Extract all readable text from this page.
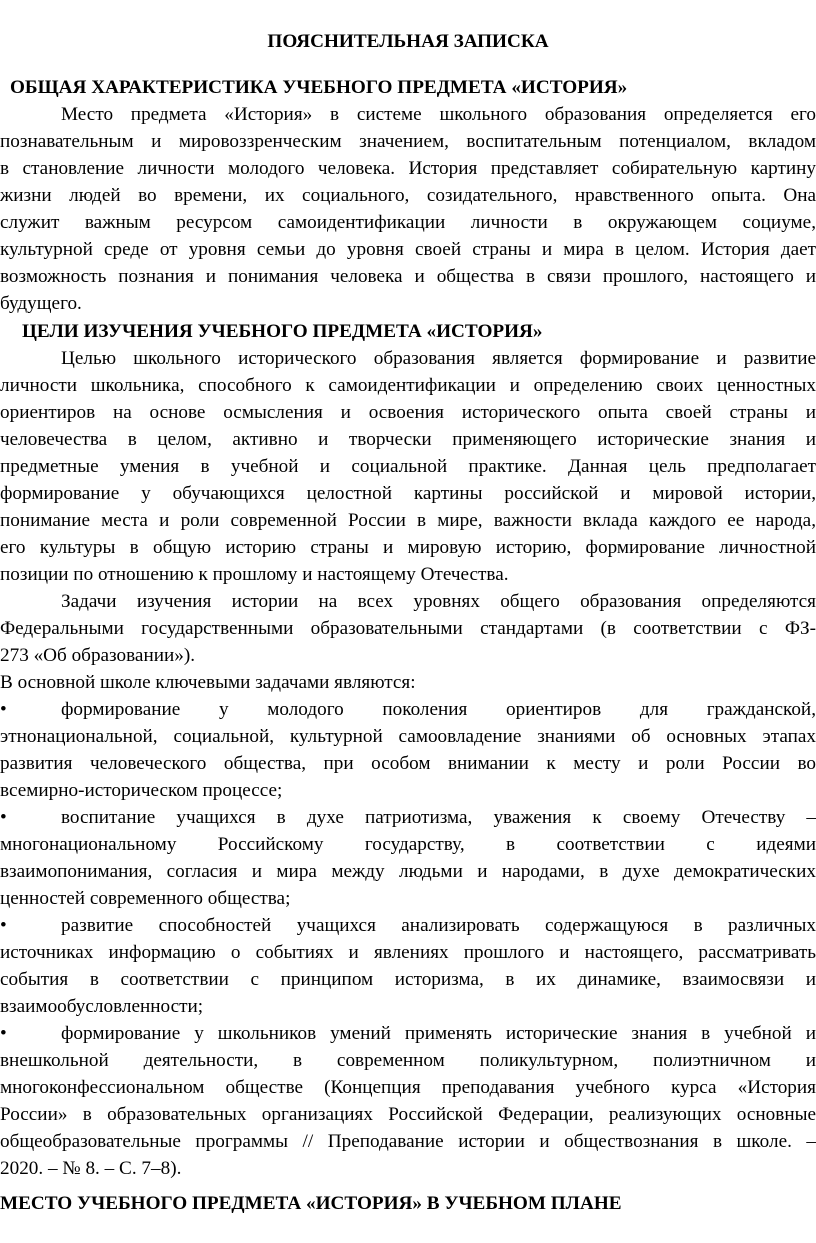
ПОЯСНИТЕЛЬНАЯ ЗАПИСКА
ОБЩАЯ ХАРАКТЕРИСТИКА УЧЕБНОГО ПРЕДМЕТА «ИСТОРИЯ»
Место предмета «История» в системе школьного образования определяется его
познавательным и мировоззренческим значением, воспитательным потенциалом, вкладом
в становление личности молодого человека. История представляет собирательную картину
жизни людей во времени, их социального, созидательного, нравственного опыта. Она
служит важным ресурсом самоидентификации личности в окружающем социуме,
культурной среде от уровня семьи до уровня своей страны и мира в целом. История дает
возможность познания и понимания человека и общества в связи прошлого, настоящего и
будущего.
ЦЕЛИ ИЗУЧЕНИЯ УЧЕБНОГО ПРЕДМЕТА «ИСТОРИЯ»
Целью школьного исторического образования является формирование и развитие
личности школьника, способного к самоидентификации и определению своих ценностных
ориентиров на основе осмысления и освоения исторического опыта своей страны и
человечества в целом, активно и творчески применяющего исторические знания и
предметные умения в учебной и социальной практике. Данная цель предполагает
формирование у обучающихся целостной картины российской и мировой истории,
понимание места и роли современной России в мире, важности вклада каждого ее народа,
его культуры в общую историю страны и мировую историю, формирование личностной
позиции по отношению к прошлому и настоящему Отечества.
Задачи изучения истории на всех уровнях общего образования определяются
Федеральными государственными образовательными стандартами (в соответствии с ФЗ-
273 «Об образовании»).
В основной школе ключевыми задачами являются:
•	формирование у молодого поколения ориентиров для гражданской,
этнонациональной, социальной, культурной самоовладение знаниями об основных этапах
развития человеческого общества, при особом внимании к месту и роли России во
всемирно-историческом процессе;
•	воспитание учащихся в духе патриотизма, уважения к своему Отечеству –
многонациональному Российскому государству, в соответствии с идеями
взаимопонимания, согласия и мира между людьми и народами, в духе демократических
ценностей современного общества;
•	развитие способностей учащихся анализировать содержащуюся в различных
источниках информацию о событиях и явлениях прошлого и настоящего, рассматривать
события в соответствии с принципом историзма, в их динамике, взаимосвязи и
взаимообусловленности;
•	формирование у школьников умений применять исторические знания в учебной и
внешкольной деятельности, в современном поликультурном, полиэтничном и
многоконфессиональном обществе (Концепция преподавания учебного курса «История
России» в образовательных организациях Российской Федерации, реализующих основные
общеобразовательные программы // Преподавание истории и обществознания в школе. –
2020. – № 8. – С. 7–8).
МЕСТО УЧЕБНОГО ПРЕДМЕТА «ИСТОРИЯ» В УЧЕБНОМ ПЛАНЕ
